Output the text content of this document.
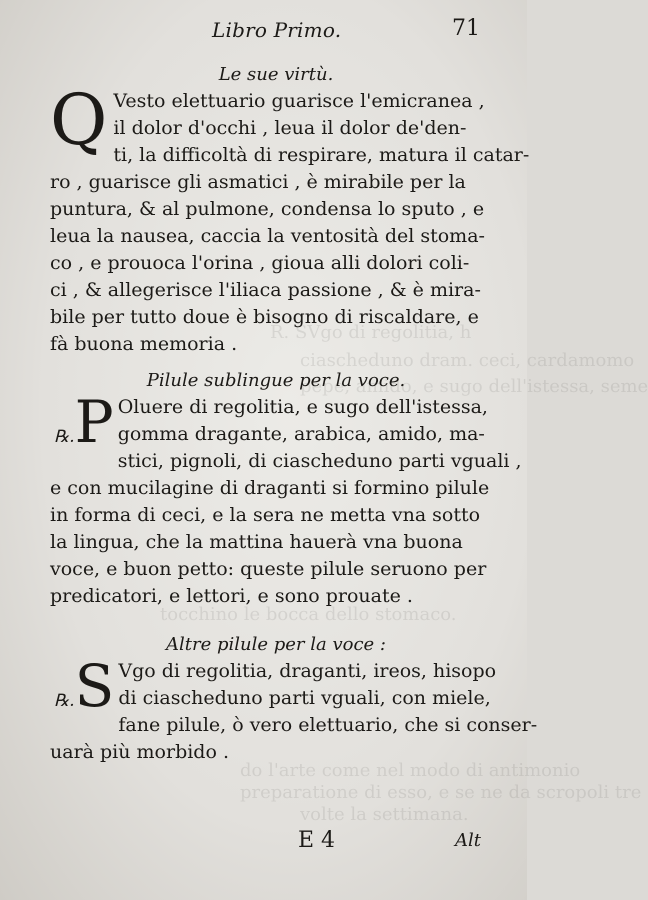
R. SVgo di regolitia, h
ciascheduno dram. ceci, cardamomo
pepe, amido, e sugo dell'istessa, seme
tocchino le bocca dello stomaco.
do l'arte come nel modo di antimonio
preparatione di esso, e se ne da scropoli tre
volte la settimana.
Libro Primo.	71

Le sue virtù.

Q Vesto elettuario guarisce l'emicranea ,

il dolor d'occhi , leua il dolor de'den-

ti, la difficoltà di respirare, matura il catar-

ro , guarisce gli asmatici , è mirabile per la

puntura, & al pulmone, condensa lo sputo , e

leua la nausea, caccia la ventosità del stoma-

co , e prouoca l'orina , gioua alli dolori coli-

ci , & allegerisce l'iliaca passione , & è mira-

bile per tutto doue è bisogno di riscaldare, e

fà buona memoria .

Pilule sublingue per la voce.

℞.P Oluere di regolitia, e sugo dell'istessa,

gomma dragante, arabica, amido, ma-

stici, pignoli, di ciascheduno parti vguali ,

e con mucilagine di draganti si formino pilule

in forma di ceci, e la sera ne metta vna sotto

la lingua, che la mattina hauerà vna buona

voce, e buon petto: queste pilule seruono per

predicatori, e lettori, e sono prouate .

Altre pilule per la voce :

℞.S Vgo di regolitia, draganti, ireos, hisopo

di ciascheduno parti vguali, con miele,

fane pilule, ò vero elettuario, che si conser-

uarà più morbido .

E 4	Alt
